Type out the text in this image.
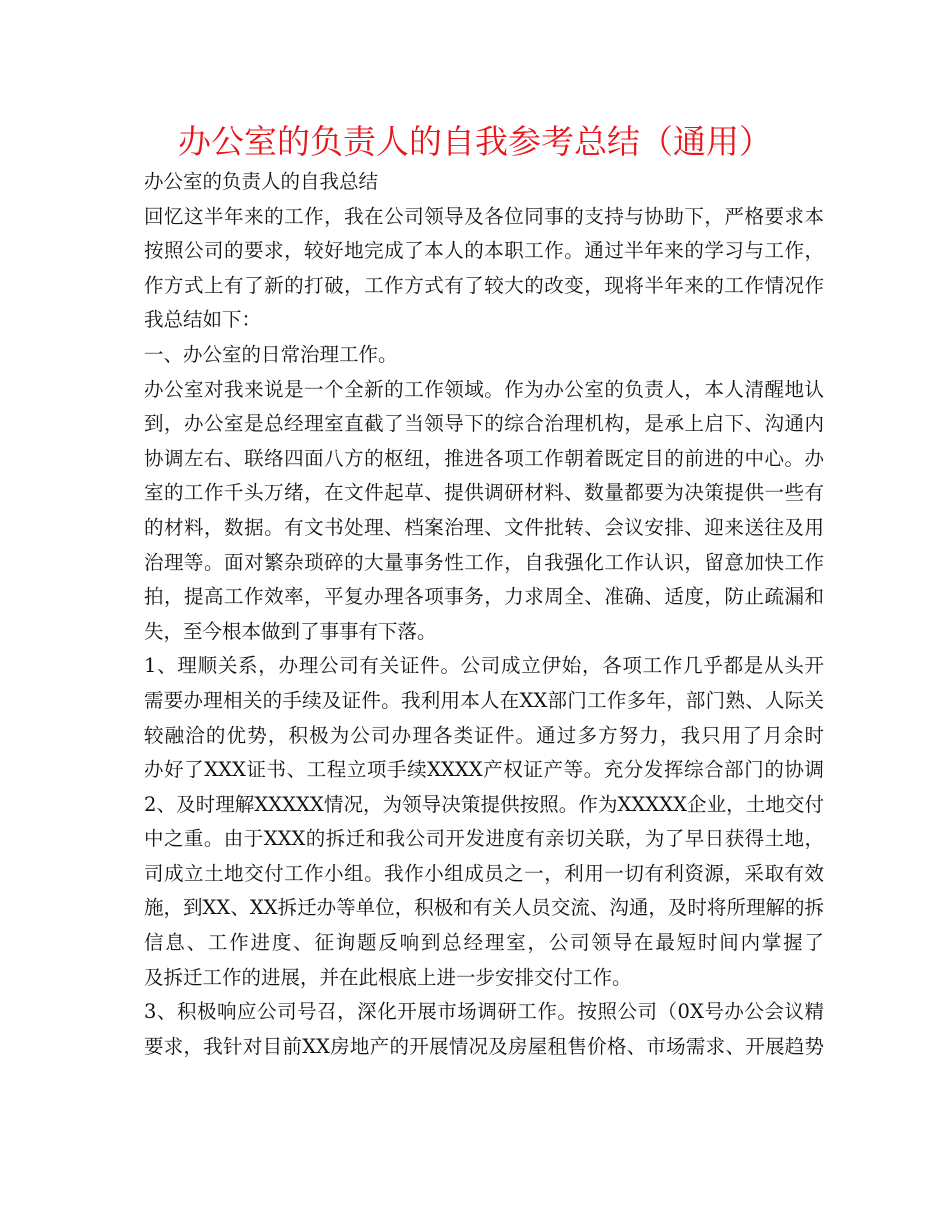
办公室的负责人的自我参考总结（通用）
办公室的负责人的自我总结
回忆这半年来的工作，我在公司领导及各位同事的支持与协助下，严格要求本
按照公司的要求，较好地完成了本人的本职工作。通过半年来的学习与工作，
作方式上有了新的打破，工作方式有了较大的改变，现将半年来的工作情况作
我总结如下：
一、办公室的日常治理工作。
办公室对我来说是一个全新的工作领域。作为办公室的负责人，本人清醒地认
到，办公室是总经理室直截了当领导下的综合治理机构，是承上启下、沟通内
协调左右、联络四面八方的枢纽，推进各项工作朝着既定目的前进的中心。办
室的工作千头万绪，在文件起草、提供调研材料、数量都要为决策提供一些有
的材料，数据。有文书处理、档案治理、文件批转、会议安排、迎来送往及用
治理等。面对繁杂琐碎的大量事务性工作，自我强化工作认识，留意加快工作
拍，提高工作效率，平复办理各项事务，力求周全、准确、适度，防止疏漏和
失，至今根本做到了事事有下落。
1、理顺关系，办理公司有关证件。公司成立伊始，各项工作几乎都是从头开
需要办理相关的手续及证件。我利用本人在XX部门工作多年，部门熟、人际关
较融洽的优势，积极为公司办理各类证件。通过多方努力，我只用了月余时
办好了XXX证书、工程立项手续XXXX产权证产等。充分发挥综合部门的协调
2、及时理解XXXXX情况，为领导决策提供按照。作为XXXXX企业，土地交付
中之重。由于XXX的拆迁和我公司开发进度有亲切关联，为了早日获得土地，
司成立土地交付工作小组。我作小组成员之一，利用一切有利资源，采取有效
施，到XX、XX拆迁办等单位，积极和有关人员交流、沟通，及时将所理解的拆
信息、工作进度、征询题反响到总经理室，公司领导在最短时间内掌握了
及拆迁工作的进展，并在此根底上进一步安排交付工作。
3、积极响应公司号召，深化开展市场调研工作。按照公司（0X号办公会议精
要求，我针对目前XX房地产的开展情况及房屋租售价格、市场需求、开展趋势
